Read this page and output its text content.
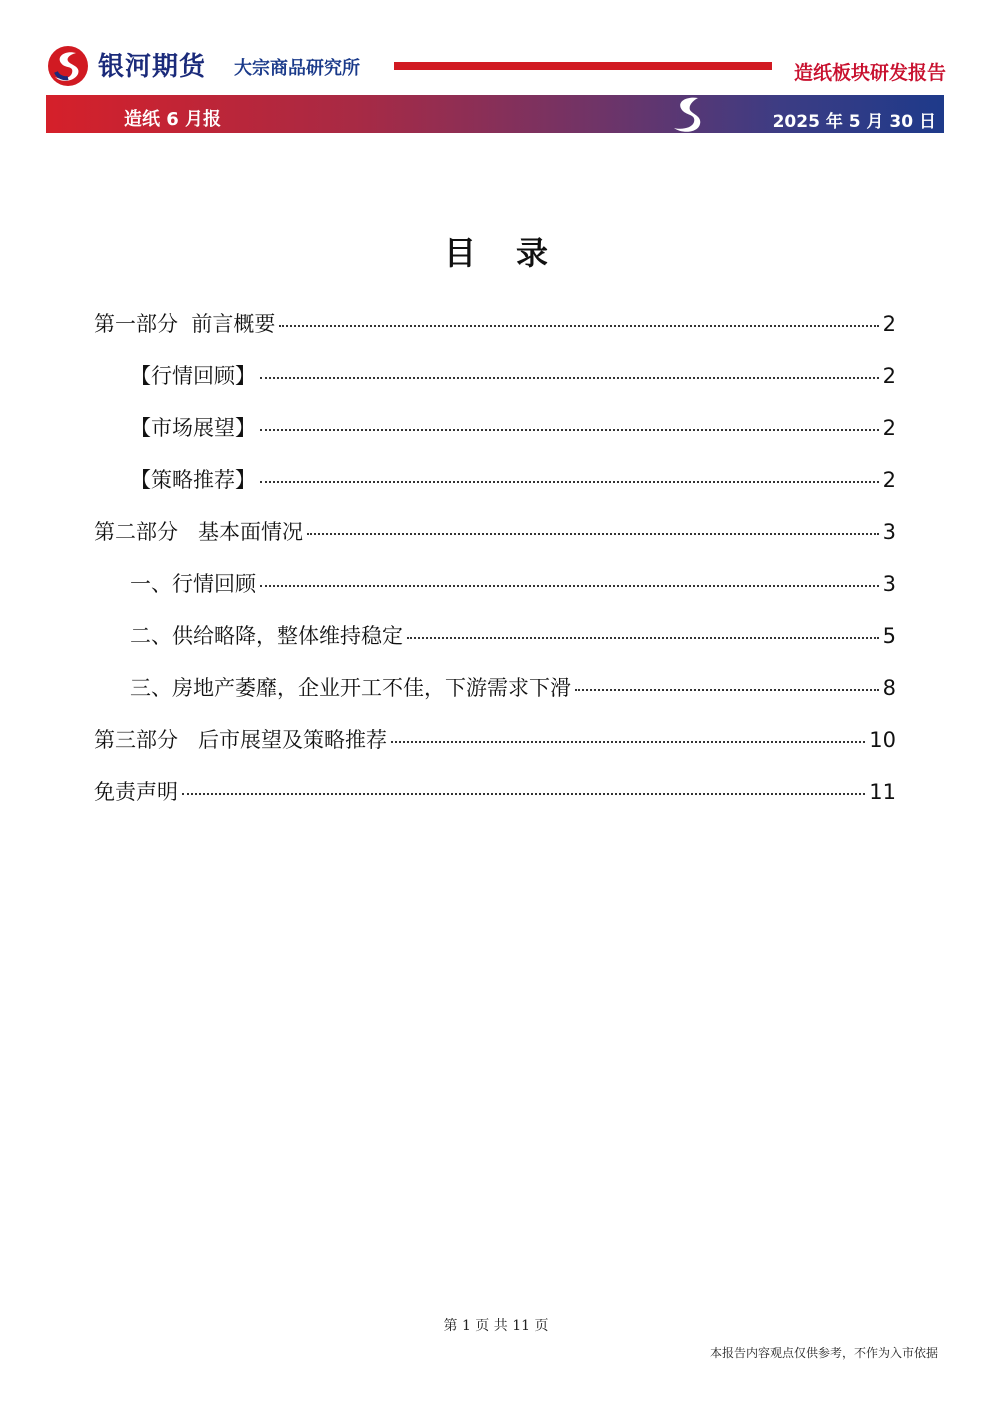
银河期货 大宗商品研究所	造纸板块研发报告
造纸 6 月报	2025 年 5 月 30 日
目录
第一部分  前言概要	2
【行情回顾】	2
【市场展望】	2
【策略推荐】	2
第二部分   基本面情况	3
一、行情回顾	3
二、供给略降，整体维持稳定	5
三、房地产萎靡，企业开工不佳，下游需求下滑	8
第三部分   后市展望及策略推荐	10
免责声明	11
第 1 页 共 11 页
本报告内容观点仅供参考，不作为入市依据
